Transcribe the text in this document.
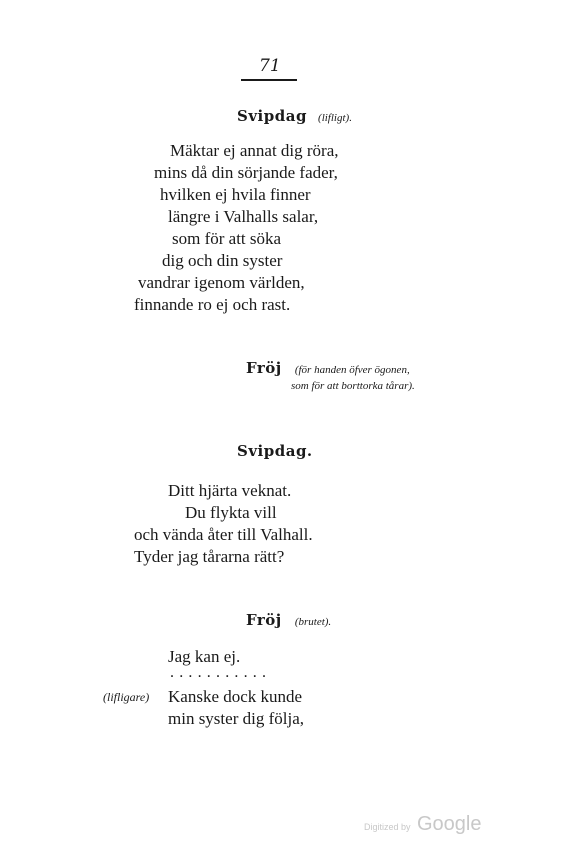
71
Svipdag (lifligt).
Mäktar ej annat dig röra,
mins då din sörjande fader,
hvilken ej hvila finner
längre i Valhalls salar,
som för att söka
dig och din syster
vandrar igenom världen,
finnande ro ej och rast.
Fröj (för handen öfver ögonen,
som för att borttorka tårar).
Svipdag.
Ditt hjärta veknat.
Du flykta vill
och vända åter till Valhall.
Tyder jag tårarna rätt?
Fröj (brutet).
Jag kan ej.
...........
(lifligare) Kanske dock kunde
min syster dig följa,
Digitized by Google
